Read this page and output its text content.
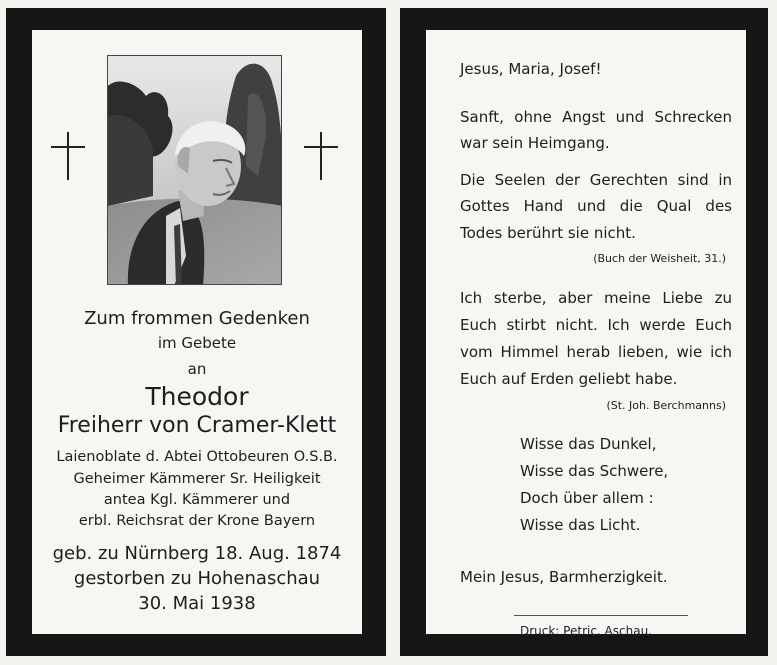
Zum frommen Gedenken
im Gebete
an
Theodor
Freiherr von Cramer-Klett
Laienoblate d. Abtei Ottobeuren O.S.B.
Geheimer Kämmerer Sr. Heiligkeit
antea Kgl. Kämmerer und
erbl. Reichsrat der Krone Bayern
geb. zu Nürnberg 18. Aug. 1874
gestorben zu Hohenaschau
30. Mai 1938
Jesus, Maria, Josef!
Sanft, ohne Angst und Schrecken
war sein Heimgang.
Die Seelen der Gerechten sind in
Gottes Hand und die Qual des
Todes berührt sie nicht.
(Buch der Weisheit, 31.)
Ich sterbe, aber meine Liebe zu
Euch stirbt nicht. Ich werde Euch
vom Himmel herab lieben, wie ich
Euch auf Erden geliebt habe.
(St. Joh. Berchmanns)
Wisse das Dunkel,
Wisse das Schwere,
Doch über allem :
Wisse das Licht.
Mein Jesus, Barmherzigkeit.
Druck: Petric, Aschau.
